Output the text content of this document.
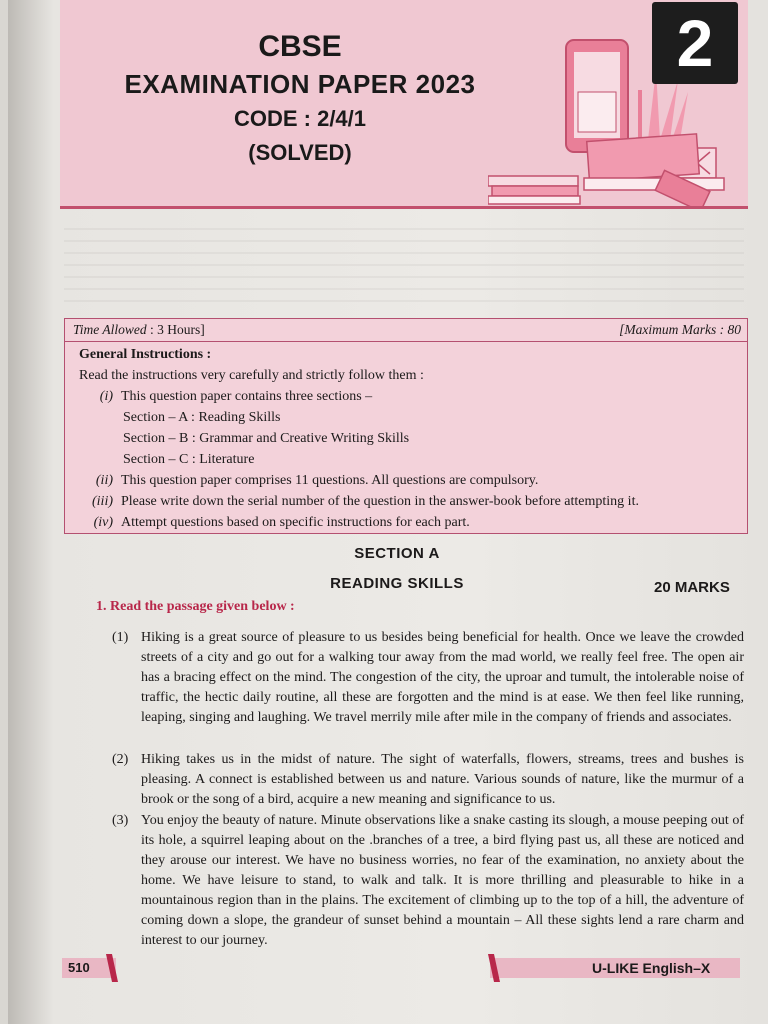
CBSE
EXAMINATION PAPER 2023
CODE : 2/4/1
(SOLVED)
2
Time Allowed : 3 Hours]	[Maximum Marks : 80
General Instructions :
Read the instructions very carefully and strictly follow them :
(i) This question paper contains three sections –
Section – A : Reading Skills
Section – B : Grammar and Creative Writing Skills
Section – C : Literature
(ii) This question paper comprises 11 questions. All questions are compulsory.
(iii) Please write down the serial number of the question in the answer-book before attempting it.
(iv) Attempt questions based on specific instructions for each part.
SECTION A
READING SKILLS	20 MARKS
1. Read the passage given below :
(1) Hiking is a great source of pleasure to us besides being beneficial for health. Once we leave the crowded streets of a city and go out for a walking tour away from the mad world, we really feel free. The open air has a bracing effect on the mind. The congestion of the city, the uproar and tumult, the intolerable noise of traffic, the hectic daily routine, all these are forgotten and the mind is at ease. We then feel like running, leaping, singing and laughing. We travel merrily mile after mile in the company of friends and associates.
(2) Hiking takes us in the midst of nature. The sight of waterfalls, flowers, streams, trees and bushes is pleasing. A connect is established between us and nature. Various sounds of nature, like the murmur of a brook or the song of a bird, acquire a new meaning and significance to us.
(3) You enjoy the beauty of nature. Minute observations like a snake casting its slough, a mouse peeping out of its hole, a squirrel leaping about on the .branches of a tree, a bird flying past us, all these are noticed and they arouse our interest. We have no business worries, no fear of the examination, no anxiety about the home. We have leisure to stand, to walk and talk. It is more thrilling and pleasurable to hike in a mountainous region than in the plains. The excitement of climbing up to the top of a hill, the adventure of coming down a slope, the grandeur of sunset behind a mountain – All these sights lend a rare charm and interest to our journey.
510	U-LIKE English–X
